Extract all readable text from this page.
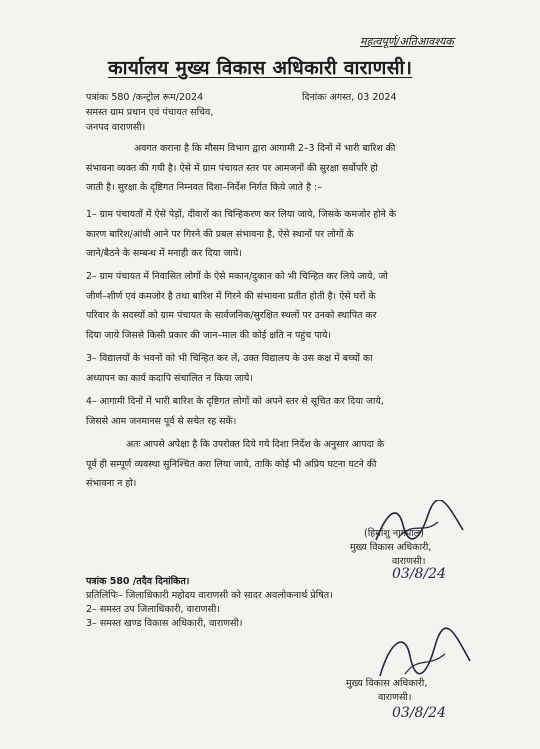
महत्वपूर्ण/अतिआवश्यक
कार्यालय मुख्य विकास अधिकारी वाराणसी।
पत्रांकः 580 /कन्ट्रोल रूम/2024	दिनांकः अगस्त, 03 2024
समस्त ग्राम प्रधान एवं पंचायत सचिव,
जनपद वाराणसी।

अवगत कराना है कि मौसम विभाग द्वारा आगामी 2–3 दिनों में भारी बारिश की

संभावना व्यक्त की गयी है। ऐसे में ग्राम पंचायत स्तर पर आमजनों की सुरक्षा सर्वोपरि हो

जाती है। सुरक्षा के दृष्टिगत निम्नवत दिशा–निर्देश निर्गत किये जाते है :–

1– ग्राम पंचायतों में ऐसे पेड़ों, दीवारों का चिन्हिकरण कर लिया जाये, जिसके कमजोर होने के

कारण बारिश/आंधी आने पर गिरने की प्रबल संभावना है, ऐसे स्थानों पर लोगों के

जाने/बैठने के सम्बन्ध में मनाही कर दिया जाये।

2– ग्राम पंचायत में निवासित लोगों के ऐसे मकान/दुकान को भी चिन्हित कर लिये जाये, जो

जीर्ण–शीर्ण एवं कमजोर है तथा बारिश में गिरने की संभावना प्रतीत होती है। ऐसे घरों के

परिवार के सदस्यों को ग्राम पंचायत के सार्वजनिक/सुरक्षित स्थलों पर उनको स्थापित कर

दिया जाये जिससे किसी प्रकार की जान–माल की कोई क्षति न पहुंच पाये।

3– विद्यालयों के भवनों को भी चिन्हित कर लें, उक्त विद्यालय के उस कक्ष में बच्चों का

अध्यापन का कार्य कदापि संचालित न किया जाये।

4– आगामी दिनों में भारी बारिश के दृष्टिगत लोगों को अपने स्तर से सूचित कर दिया जाये,

जिससे आम जनमानस पूर्व से सचेत रह सकें।

अतः आपसे अपेक्षा है कि उपरोक्त दिये गये दिशा निर्देश के अनुसार आपदा के

पूर्व ही सम्पूर्ण व्यवस्था सुनिश्चित करा लिया जाये, ताकि कोई भी अप्रिय घटना घटने की

संभावना न हो।

(हिमांशु नागपाल)
मुख्य विकास अधिकारी,
वाराणसी।
03/8/24
पत्रांक 580 /तदैव दिनांकित।
प्रतिलिपिः– जिलाधिकारी महोदय वाराणसी को सादर अवलोकनार्थ प्रेषित।
2– समस्त उप जिलाधिकारी, वाराणसी।
3– समस्त खण्ड विकास अधिकारी, वाराणसी।
मुख्य विकास अधिकारी,
वाराणसी।
03/8/24
